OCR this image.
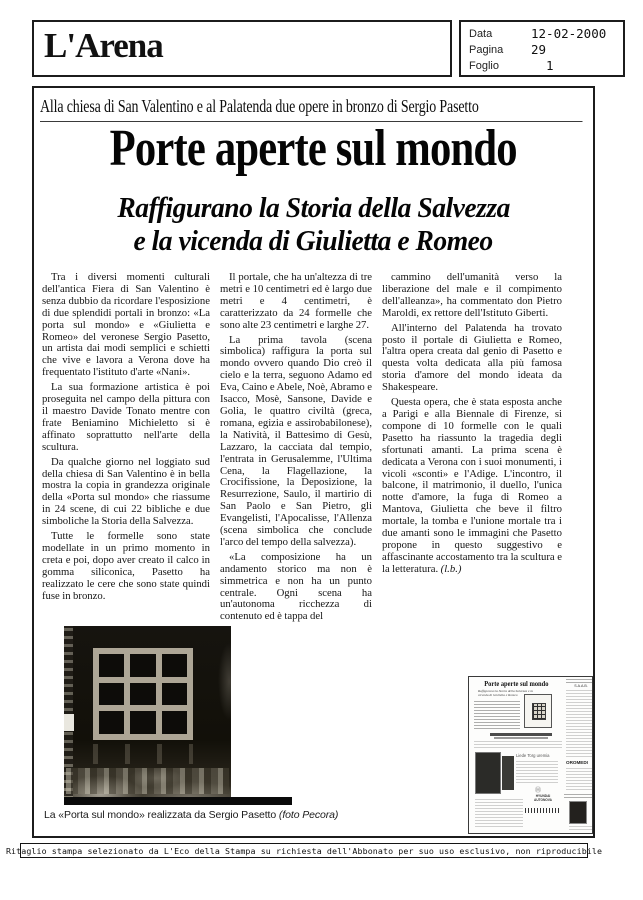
L'Arena	Data	12-02-2000
Pagina	29
Foglio	1
Alla chiesa di San Valentino e al Palatenda due opere in bronzo di Sergio Pasetto
Porte aperte sul mondo
Raffigurano la Storia della Salvezza
e la vicenda di Giulietta e Romeo

Tra i diversi momenti culturali dell'antica Fiera di San Valentino è senza dubbio da ricordare l'esposizione di due splendidi portali in bronzo: «La porta sul mondo» e «Giulietta e Romeo» del veronese Sergio Pasetto, un artista dai modi semplici e schietti che vive e lavora a Verona dove ha frequentato l'istituto d'arte «Nani».

La sua formazione artistica è poi proseguita nel campo della pittura con il maestro Davide Tonato mentre con frate Beniamino Michieletto si è affinato soprattutto nell'arte della scultura.

Da qualche giorno nel loggiato sud della chiesa di San Valentino è in bella mostra la copia in grandezza originale della «Porta sul mondo» che riassume in 24 scene, di cui 22 bibliche e due simboliche la Storia della Salvezza.

Tutte le formelle sono state modellate in un primo momento in creta e poi, dopo aver creato il calco in gomma siliconica, Pasetto ha realizzato le cere che sono state quindi fuse in bronzo.

Il portale, che ha un'altezza di tre metri e 10 centimetri ed è largo due metri e 4 centimetri, è caratterizzato da 24 formelle che sono alte 23 centimetri e larghe 27.

La prima tavola (scena simbolica) raffigura la porta sul mondo ovvero quando Dio creò il cielo e la terra, seguono Adamo ed Eva, Caino e Abele, Noè, Abramo e Isacco, Mosè, Sansone, Davide e Golia, le quattro civiltà (greca, romana, egizia e assirobabilonese), la Natività, il Battesimo di Gesù, Lazzaro, la cacciata dal tempio, l'entrata in Gerusalemme, l'Ultima Cena, la Flagellazione, la Crocifissione, la Deposizione, la Resurrezione, Saulo, il martirio di San Paolo e San Pietro, gli Evangelisti, l'Apocalisse, l'Allenza (scena simbolica che conclude l'arco del tempo della salvezza).

«La composizione ha un andamento storico ma non è simmetrica e non ha un punto centrale. Ogni scena ha un'autonoma ricchezza di contenuto ed è tappa del

cammino dell'umanità verso la liberazione del male e il compimento dell'alleanza», ha commentato don Pietro Maroldi, ex rettore dell'Istituto Giberti.

All'interno del Palatenda ha trovato posto il portale di Giulietta e Romeo, l'altra opera creata dal genio di Pasetto e questa volta dedicata alla più famosa storia d'amore del mondo ideata da Shakespeare.

Questa opera, che è stata esposta anche a Parigi e alla Biennale di Firenze, si compone di 10 formelle con le quali Pasetto ha riassunto la tragedia degli sfortunati amanti. La prima scena è dedicata a Verona con i suoi monumenti, i vicoli «sconti» e l'Adige. L'incontro, il balcone, il matrimonio, il duello, l'unica notte d'amore, la fuga di Romeo a Mantova, Giulietta che beve il filtro mortale, la tomba e l'unione mortale tra i due amanti sono le immagini che Pasetto propone in questo suggestivo e affascinante accostamento tra la scultura e la letteratura. (l.b.)

La «Porta sul mondo» realizzata da Sergio Pasetto (foto Pecora)
Porte aperte sul mondo
Raffigurano la Storia della Salvezza e la vicenda di Giulietta e Romeo
Liede Torg uremia
S.A.A.B.
OROMEDI
Ⓗ
HYUNDAI AUTONOVA
Ritaglio stampa selezionato da L'Eco della Stampa su richiesta dell'Abbonato per suo uso esclusivo, non riproducibile
